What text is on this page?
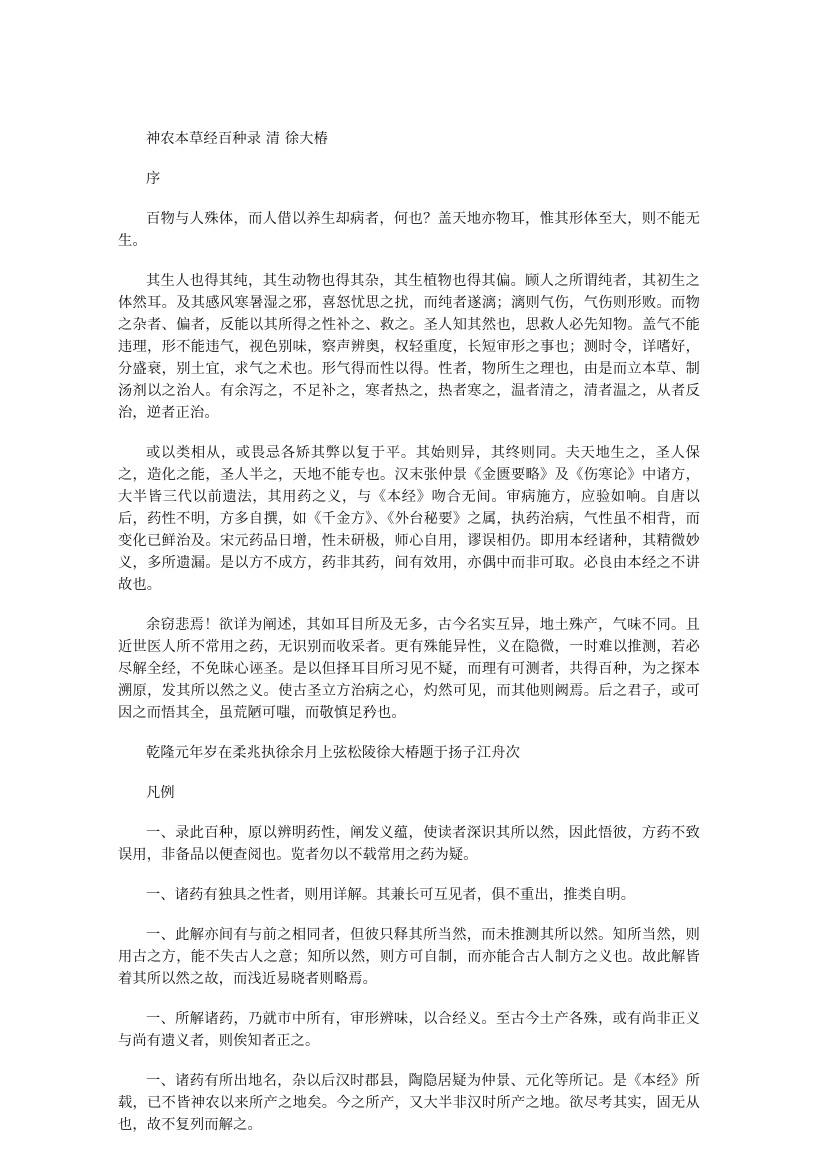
神农本草经百种录 清 徐大椿

序

百物与人殊体，而人借以养生却病者，何也？盖天地亦物耳，惟其形体至大，则不能无生。

其生人也得其纯，其生动物也得其杂，其生植物也得其偏。顾人之所谓纯者，其初生之体然耳。及其感风寒暑湿之邪，喜怒忧思之扰，而纯者遂漓；漓则气伤，气伤则形败。而物之杂者、偏者，反能以其所得之性补之、救之。圣人知其然也，思救人必先知物。盖气不能违理，形不能违气，视色别味，察声辨奥，权轻重度，长短审形之事也；测时令，详嗜好，分盛衰，别土宜，求气之术也。形气得而性以得。性者，物所生之理也，由是而立本草、制汤剂以之治人。有余泻之，不足补之，寒者热之，热者寒之，温者清之，清者温之，从者反治，逆者正治。

或以类相从，或畏忌各矫其弊以复于平。其始则异，其终则同。夫天地生之，圣人保之，造化之能，圣人半之，天地不能专也。汉末张仲景《金匮要略》及《伤寒论》中诸方，大半皆三代以前遗法，其用药之义，与《本经》吻合无间。审病施方，应验如响。自唐以后，药性不明，方多自撰，如《千金方》、《外台秘要》之属，执药治病，气性虽不相背，而变化已鲜治及。宋元药品日增，性未研极，师心自用，谬误相仍。即用本经诸种，其精微妙义，多所遗漏。是以方不成方，药非其药，间有效用，亦偶中而非可取。必良由本经之不讲故也。

余窃悲焉！欲详为阐述，其如耳目所及无多，古今名实互异，地土殊产，气味不同。且近世医人所不常用之药，无识别而收采者。更有殊能异性，义在隐微，一时难以推测，若必尽解全经，不免昧心诬圣。是以但择耳目所习见不疑，而理有可测者，共得百种，为之探本溯原，发其所以然之义。使古圣立方治病之心，灼然可见，而其他则阙焉。后之君子，或可因之而悟其全，虽荒陋可嗤，而敬慎足矜也。

乾隆元年岁在柔兆执徐余月上弦松陵徐大椿题于扬子江舟次

凡例

一、录此百种，原以辨明药性，阐发义蕴，使读者深识其所以然，因此悟彼，方药不致误用，非备品以便查阅也。览者勿以不载常用之药为疑。

一、诸药有独具之性者，则用详解。其兼长可互见者，俱不重出，推类自明。

一、此解亦间有与前之相同者，但彼只释其所当然，而未推测其所以然。知所当然，则用古之方，能不失古人之意；知所以然，则方可自制，而亦能合古人制方之义也。故此解皆着其所以然之故，而浅近易晓者则略焉。

一、所解诸药，乃就市中所有，审形辨味，以合经义。至古今土产各殊，或有尚非正义与尚有遗义者，则俟知者正之。

一、诸药有所出地名，杂以后汉时郡县，陶隐居疑为仲景、元化等所记。是《本经》所载，已不皆神农以来所产之地矣。今之所产，又大半非汉时所产之地。欲尽考其实，固无从也，故不复列而解之。
